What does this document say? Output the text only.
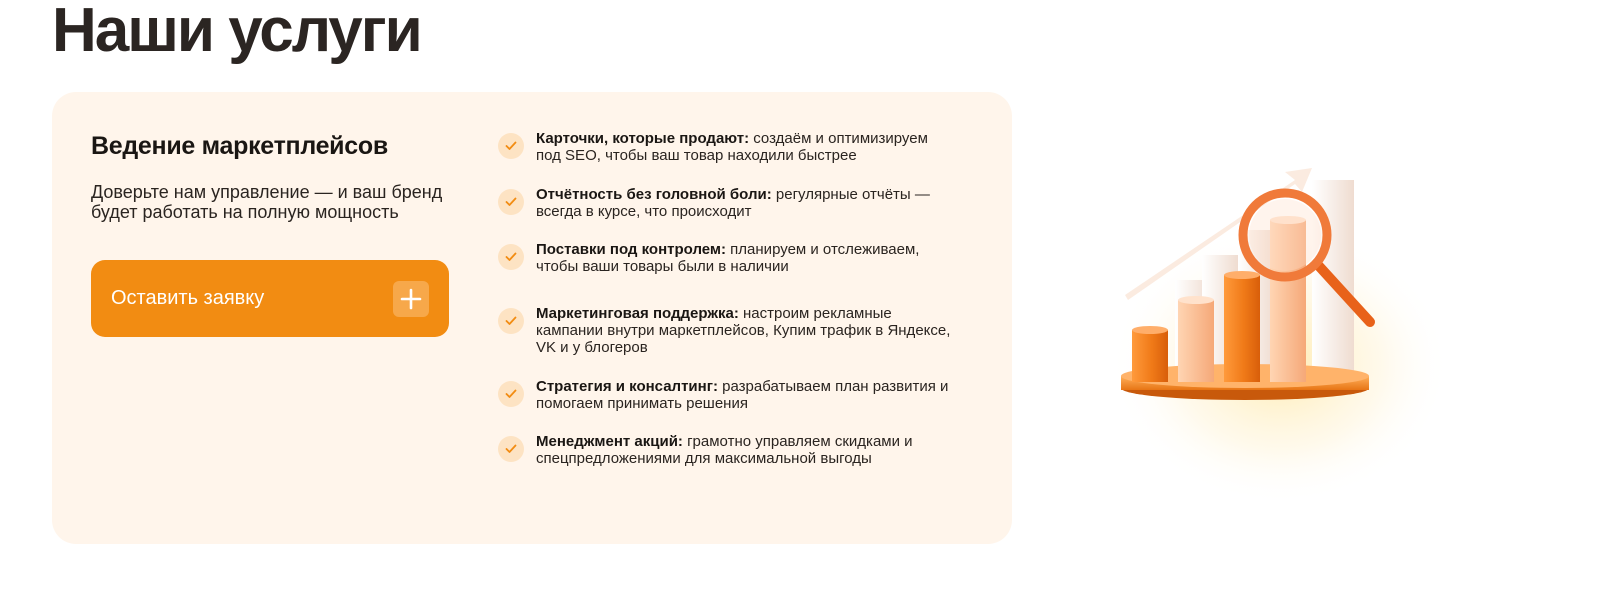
Наши услуги
Ведение маркетплейсов

Доверьте нам управление — и ваш бренд будет работать на полную мощность

Оставить заявку

Карточки, которые продают: создаём и оптимизируем под SEO, чтобы ваш товар находили быстрее

Отчётность без головной боли: регулярные отчёты — всегда в курсе, что происходит

Поставки под контролем: планируем и отслеживаем, чтобы ваши товары были в наличии

Маркетинговая поддержка: настроим рекламные кампании внутри маркетплейсов, Купим трафик в Яндексе, VK и у блогеров

Стратегия и консалтинг: разрабатываем план развития и помогаем принимать решения

Менеджмент акций: грамотно управляем скидками и спецпредложениями для максимальной выгоды
